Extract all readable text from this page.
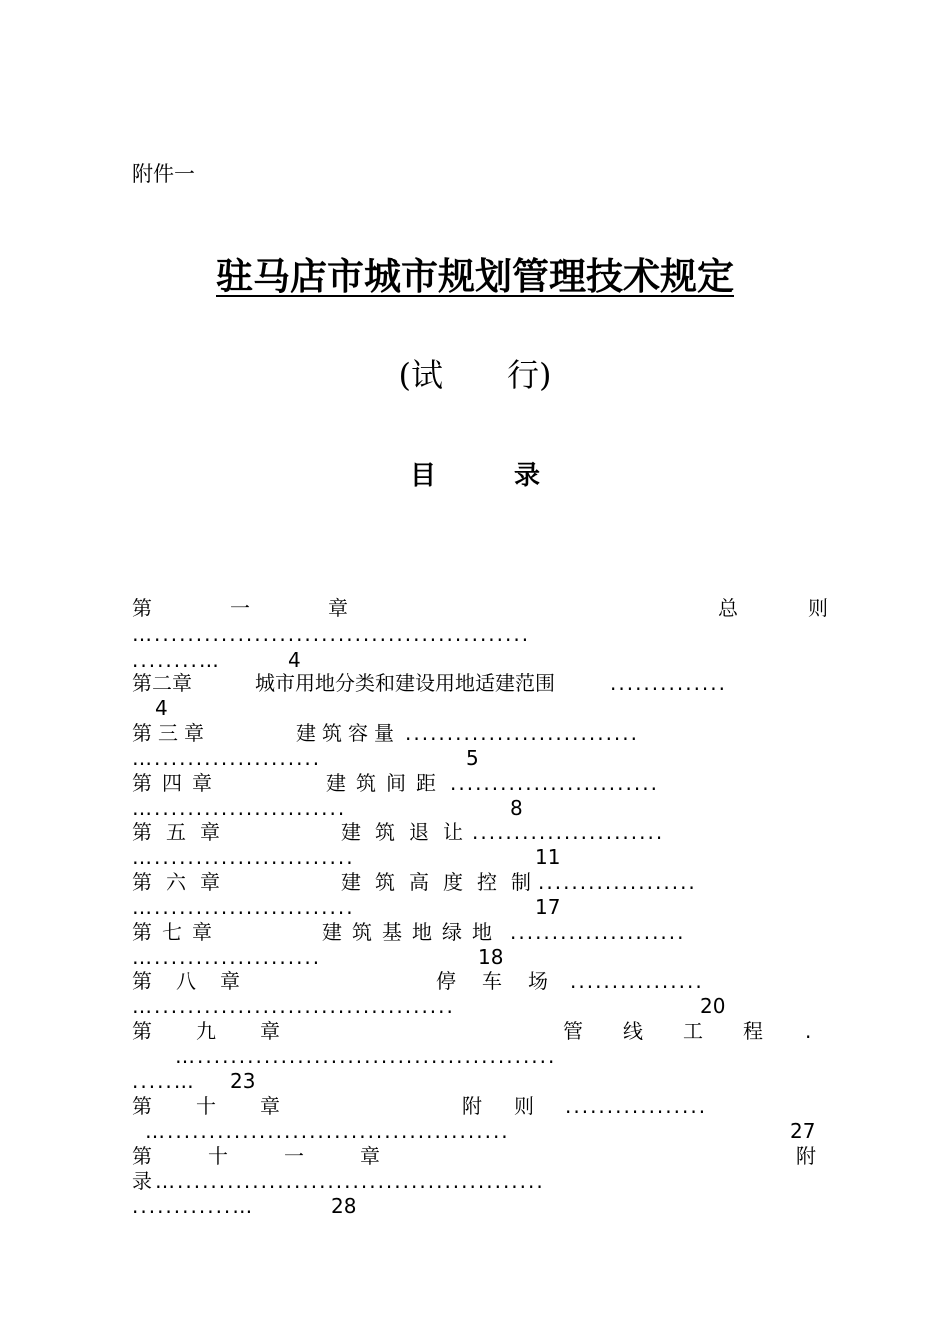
附件一
驻马店市城市规划管理技术规定
(试　　行)
目　　　录
第一章	总则
….............................................
........…	4
第二章	城市用地分类和建设用地适建范围	..............
4
第三章	建筑容量 ............................
…....................	5
第四章	建筑间距 .........................
….......................	8
第五章	建筑退让
.......................
…........................	11
第六章	建筑高度控制
...................
…........................	17
第七章	建筑基地绿地 .....................
…....................	18
第八章	停车场
................
…....................................	20
第九章	管线工程 .
…...........................................
.....… 23
第十章	附则 .................
….........................................	27
第十一章	附
录 …............................................
............…	28
